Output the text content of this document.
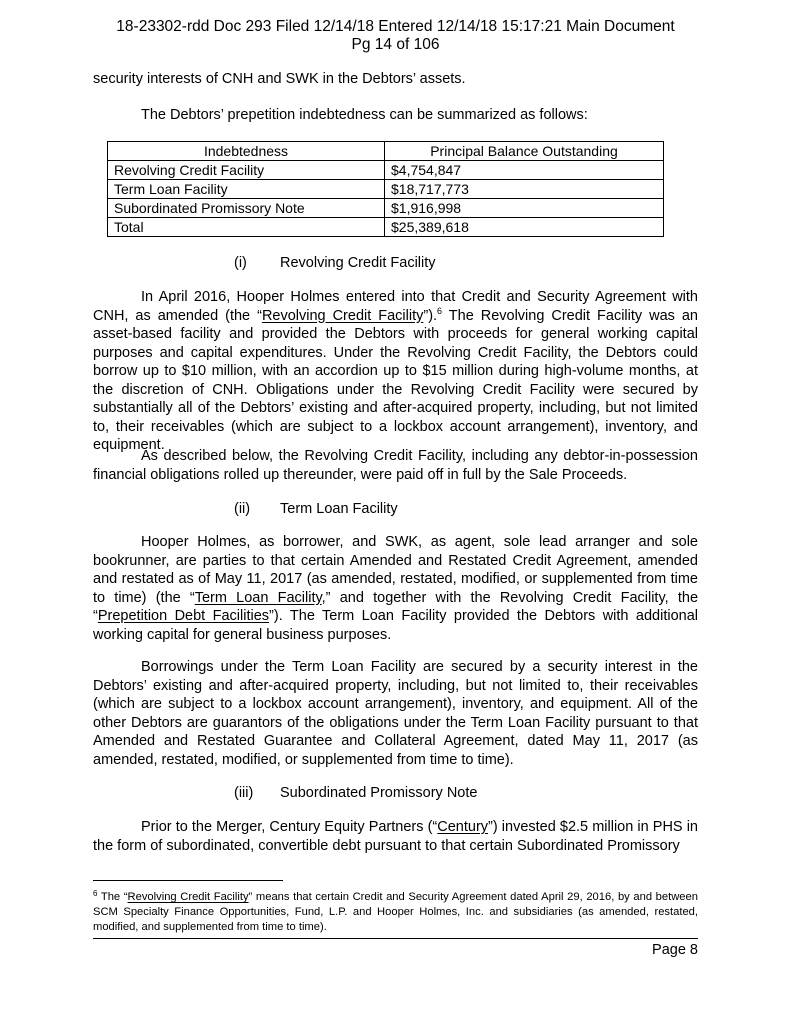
18-23302-rdd Doc 293 Filed 12/14/18 Entered 12/14/18 15:17:21 Main Document
Pg 14 of 106
security interests of CNH and SWK in the Debtors’ assets.
The Debtors’ prepetition indebtedness can be summarized as follows:
Indebtedness	Principal Balance Outstanding
Revolving Credit Facility	$4,754,847
Term Loan Facility	$18,717,773
Subordinated Promissory Note	$1,916,998
Total	$25,389,618
(i) Revolving Credit Facility
In April 2016, Hooper Holmes entered into that Credit and Security Agreement with CNH, as amended (the “Revolving Credit Facility”).$^6$ The Revolving Credit Facility was an asset-based facility and provided the Debtors with proceeds for general working capital purposes and capital expenditures. Under the Revolving Credit Facility, the Debtors could borrow up to $10 million, with an accordion up to $15 million during high-volume months, at the discretion of CNH. Obligations under the Revolving Credit Facility were secured by substantially all of the Debtors’ existing and after-acquired property, including, but not limited to, their receivables (which are subject to a lockbox account arrangement), inventory, and equipment.
As described below, the Revolving Credit Facility, including any debtor-in-possession financial obligations rolled up thereunder, were paid off in full by the Sale Proceeds.
(ii) Term Loan Facility
Hooper Holmes, as borrower, and SWK, as agent, sole lead arranger and sole bookrunner, are parties to that certain Amended and Restated Credit Agreement, amended and restated as of May 11, 2017 (as amended, restated, modified, or supplemented from time to time) (the “Term Loan Facility,” and together with the Revolving Credit Facility, the “Prepetition Debt Facilities”). The Term Loan Facility provided the Debtors with additional working capital for general business purposes.
Borrowings under the Term Loan Facility are secured by a security interest in the Debtors’ existing and after-acquired property, including, but not limited to, their receivables (which are subject to a lockbox account arrangement), inventory, and equipment. All of the other Debtors are guarantors of the obligations under the Term Loan Facility pursuant to that Amended and Restated Guarantee and Collateral Agreement, dated May 11, 2017 (as amended, restated, modified, or supplemented from time to time).
(iii) Subordinated Promissory Note
Prior to the Merger, Century Equity Partners (“Century”) invested $2.5 million in PHS in the form of subordinated, convertible debt pursuant to that certain Subordinated Promissory
$^6$ The “Revolving Credit Facility” means that certain Credit and Security Agreement dated April 29, 2016, by and between SCM Specialty Finance Opportunities, Fund, L.P. and Hooper Holmes, Inc. and subsidiaries (as amended, restated, modified, and supplemented from time to time).
Page 8
